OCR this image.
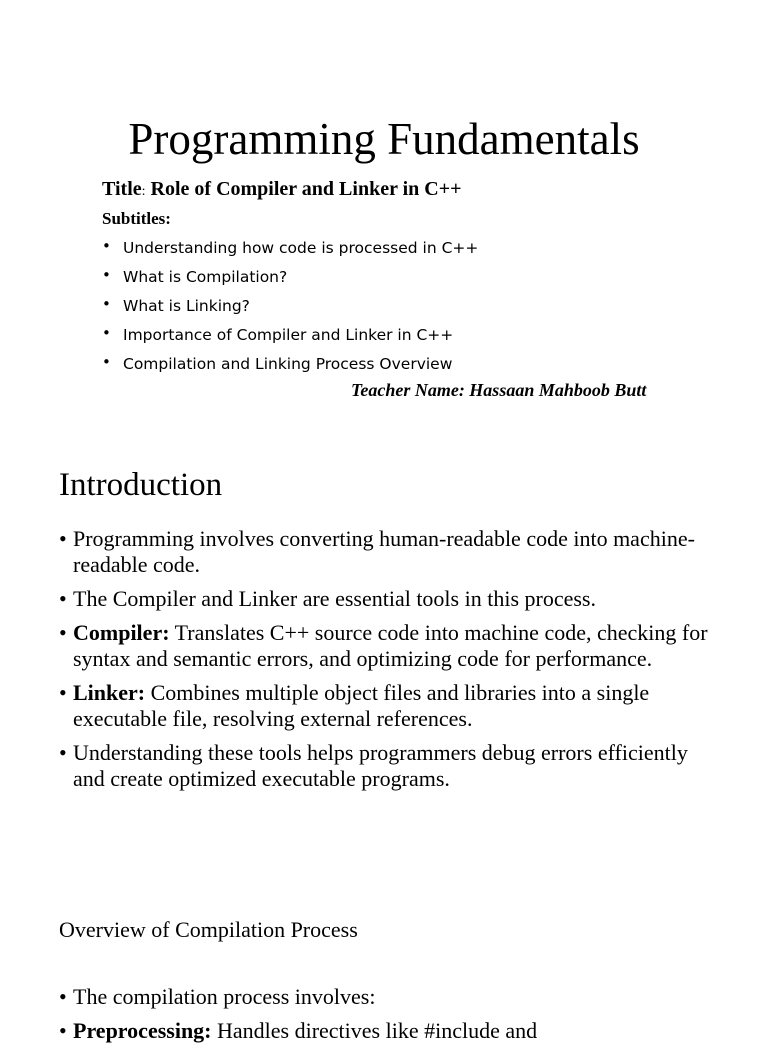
Programming Fundamentals
Title: Role of Compiler and Linker in C++
Subtitles:
• Understanding how code is processed in C++
• What is Compilation?
• What is Linking?
• Importance of Compiler and Linker in C++
• Compilation and Linking Process Overview
Teacher Name: Hassaan Mahboob Butt
Introduction
• Programming involves converting human-readable code into machine-readable code.
• The Compiler and Linker are essential tools in this process.
• Compiler: Translates C++ source code into machine code, checking for syntax and semantic errors, and optimizing code for performance.
• Linker: Combines multiple object files and libraries into a single executable file, resolving external references.
• Understanding these tools helps programmers debug errors efficiently and create optimized executable programs.
Overview of Compilation Process
• The compilation process involves:
• Preprocessing: Handles directives like #include and
